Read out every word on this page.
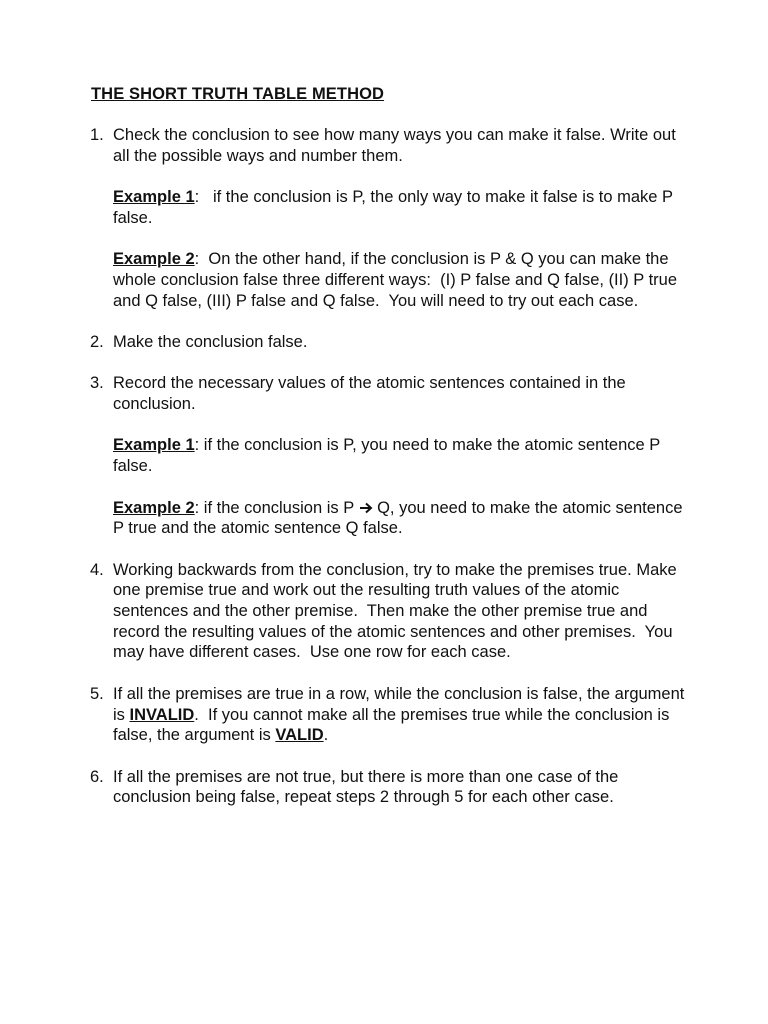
THE SHORT TRUTH TABLE METHOD
1. Check the conclusion to see how many ways you can make it false. Write out all the possible ways and number them.

Example 1:   if the conclusion is P, the only way to make it false is to make P false.

Example 2:  On the other hand, if the conclusion is P & Q you can make the whole conclusion false three different ways:  (I) P false and Q false, (II) P true and Q false, (III) P false and Q false.  You will need to try out each case.

2. Make the conclusion false.

3. Record the necessary values of the atomic sentences contained in the conclusion.

Example 1: if the conclusion is P, you need to make the atomic sentence P false.

Example 2: if the conclusion is P  Q, you need to make the atomic sentence P true and the atomic sentence Q false.

4. Working backwards from the conclusion, try to make the premises true. Make one premise true and work out the resulting truth values of the atomic sentences and the other premise.  Then make the other premise true and record the resulting values of the atomic sentences and other premises.  You may have different cases.  Use one row for each case.

5. If all the premises are true in a row, while the conclusion is false, the argument is INVALID.  If you cannot make all the premises true while the conclusion is false, the argument is VALID.

6. If all the premises are not true, but there is more than one case of the conclusion being false, repeat steps 2 through 5 for each other case.
